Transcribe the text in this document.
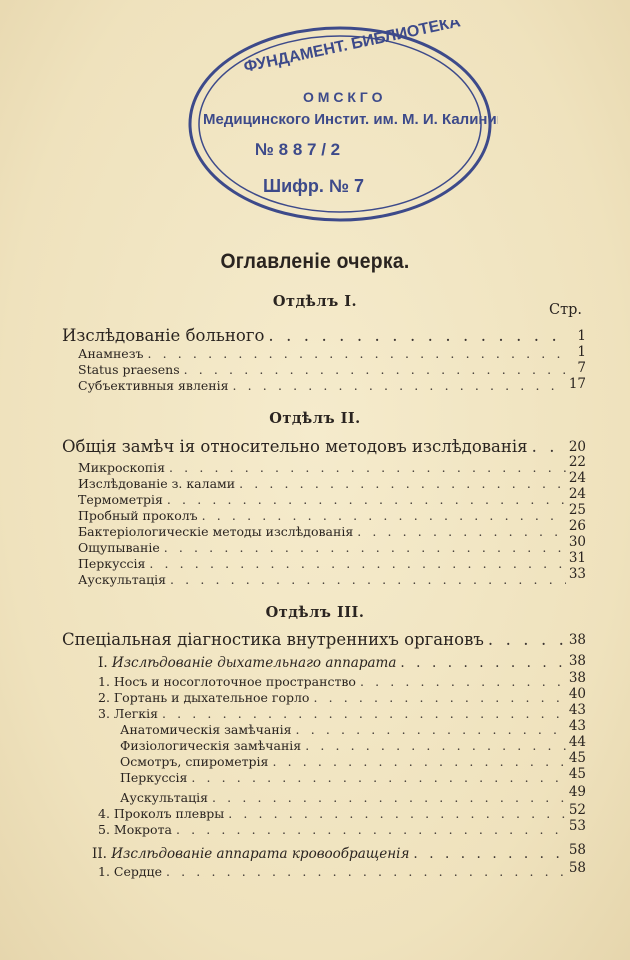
ФУНДАМЕНТ. БИБЛИОТЕКА
О М С К Г О
Медицинского Инстит. им. М. И. Калинина
№ 8 8 7 / 2
Шифр. № 7
Оглавленіе очерка.
Отдѣлъ I.	Стр.
Изслѣдованіе больного . . .	1
Анамнезъ . . .	1
Status praesens . . .	7
Субъективныя явленія . . .	17
Отдѣлъ II.
Общія замѣч ія относительно методовъ изслѣдованія . . .	20
Микроскопія . . .	22
Изслѣдованіе з. калами . . .	24
Термометрія . . .	24
Пробный проколъ . . .	25
Бактеріологическіе методы изслѣдованія . . .	26
Ощупываніе . . .	30
Перкуссія . . .	31
Аускультація . . .	33
Отдѣлъ III.
Спеціальная діагностика внутреннихъ органовъ . . .	38
I.
Изслѣдованіе дыхательнаго аппарата . . .	38
1. Носъ и носоглоточное пространство . . .	38
2. Гортань и дыхательное горло . . .	40
3. Легкія . . .	43
Анатомическія замѣчанія . . .	43
Физіологическія замѣчанія . . .	44
Осмотръ, спирометрія . . .	45
Перкуссія . . .	45
Аускультація . . .	49
4. Проколъ плевры . . .	52
5. Мокрота . . .	53
II.
Изслѣдованіе аппарата кровообращенія . . .	58
1. Сердце . . .	58
